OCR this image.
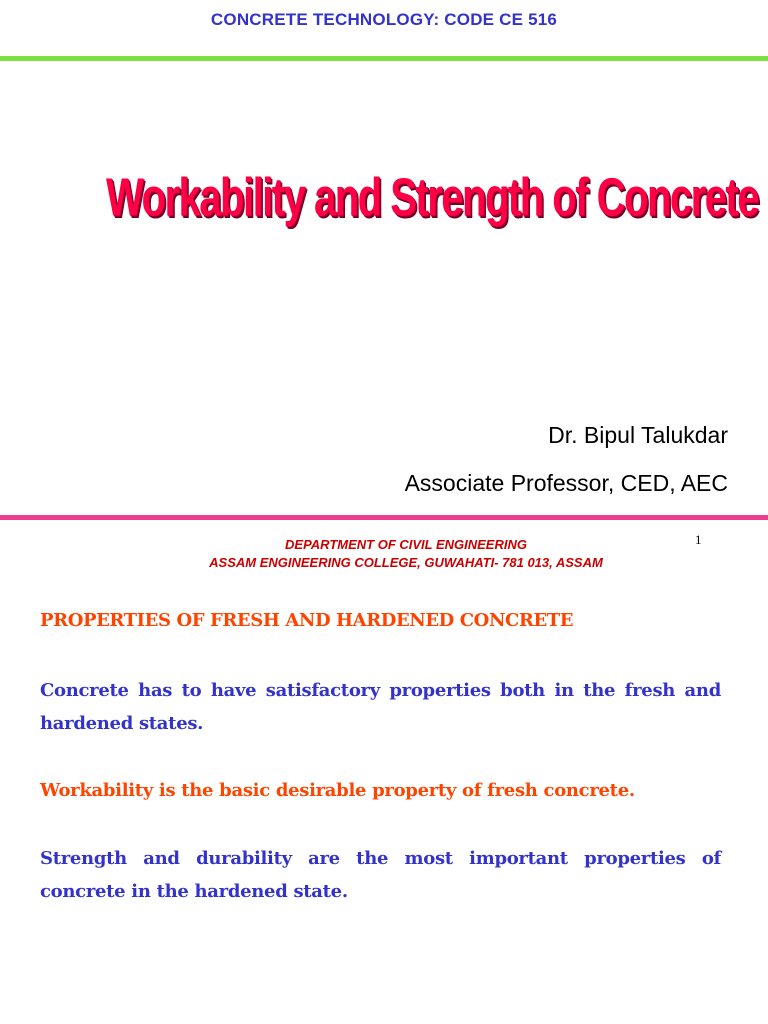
CONCRETE TECHNOLOGY: CODE CE 516
Workability and Strength of Concrete
Dr. Bipul Talukdar
Associate Professor, CED, AEC
DEPARTMENT OF CIVIL ENGINEERING
ASSAM ENGINEERING COLLEGE, GUWAHATI- 781 013, ASSAM
1
PROPERTIES OF FRESH AND HARDENED CONCRETE
Concrete has to have satisfactory properties both in the fresh and hardened states.
Workability is the basic desirable property of fresh concrete.
Strength and durability are the most important properties of concrete in the hardened state.
